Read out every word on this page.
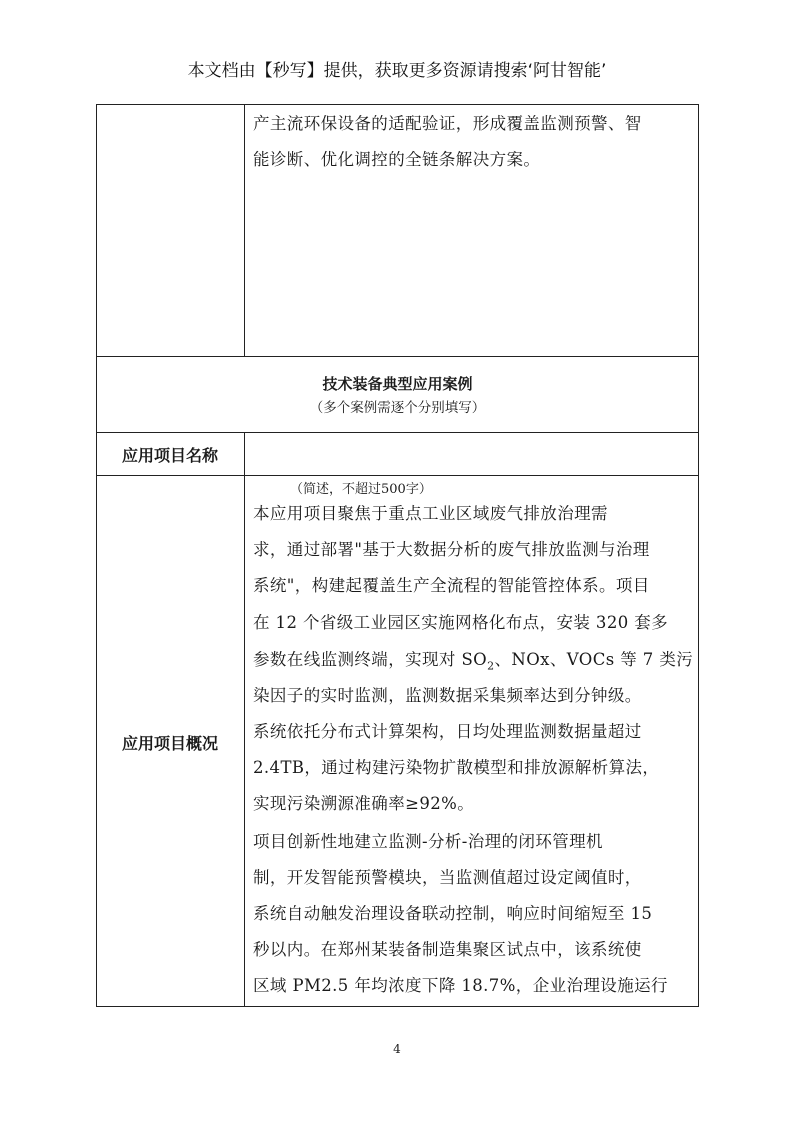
本文档由【秒写】提供，获取更多资源请搜索‘阿甘智能’
产主流环保设备的适配验证，形成覆盖监测预警、智
能诊断、优化调控的全链条解决方案。
技术装备典型应用案例
（多个案例需逐个分别填写）
应用项目名称
应用项目概况
（简述，不超过500字）
本应用项目聚焦于重点工业区域废气排放治理需
求，通过部署"基于大数据分析的废气排放监测与治理
系统"，构建起覆盖生产全流程的智能管控体系。项目
在 12 个省级工业园区实施网格化布点，安装 320 套多
参数在线监测终端，实现对 $SO_2$、NOx、VOCs 等 7 类污
染因子的实时监测，监测数据采集频率达到分钟级。
系统依托分布式计算架构，日均处理监测数据量超过
2.4TB，通过构建污染物扩散模型和排放源解析算法，
实现污染溯源准确率≥92%。
项目创新性地建立监测-分析-治理的闭环管理机
制，开发智能预警模块，当监测值超过设定阈值时，
系统自动触发治理设备联动控制，响应时间缩短至 15
秒以内。在郑州某装备制造集聚区试点中，该系统使
区域 PM2.5 年均浓度下降 18.7%，企业治理设施运行
4
